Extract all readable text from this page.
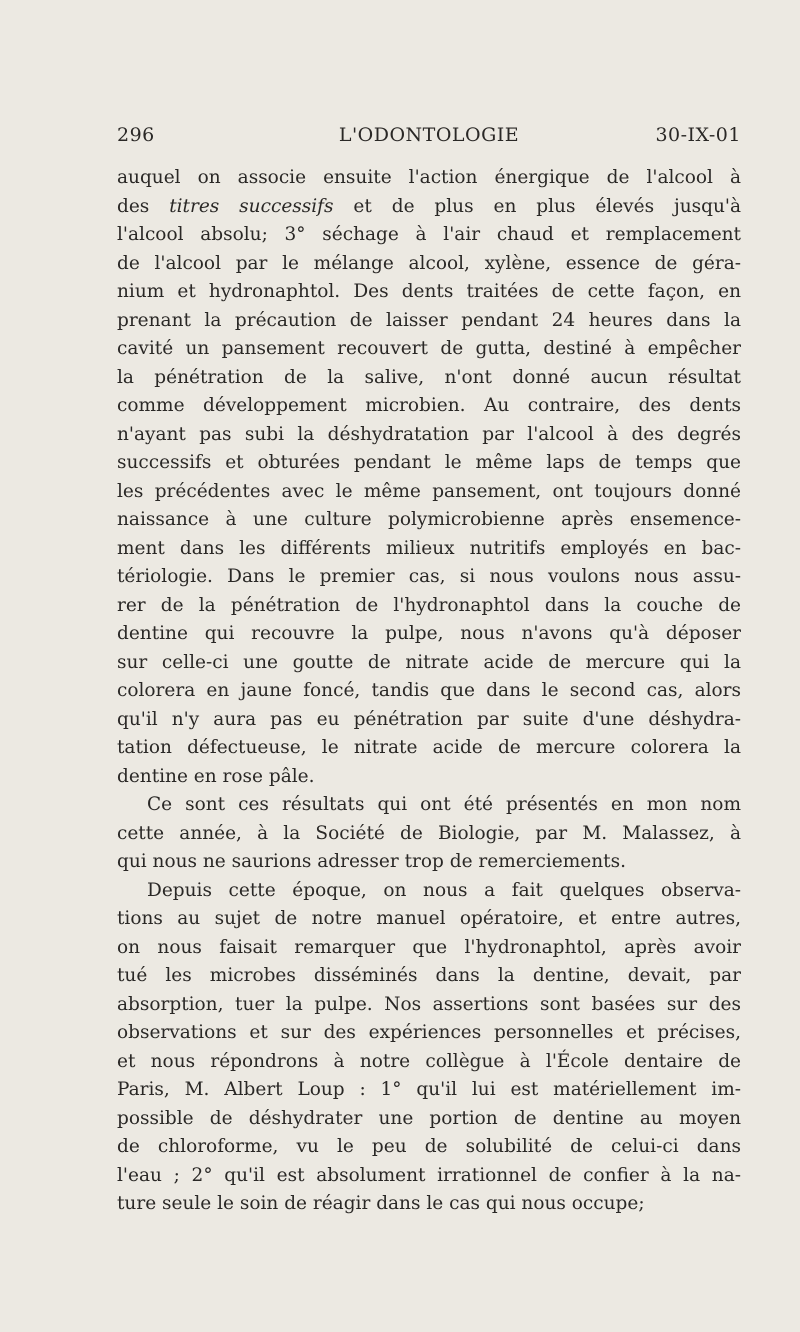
296	L'ODONTOLOGIE	30-IX-01
auquel on associe ensuite l'action énergique de l'alcool à
des titres successifs et de plus en plus élevés jusqu'à
l'alcool absolu; 3° séchage à l'air chaud et remplacement
de l'alcool par le mélange alcool, xylène, essence de géra-
nium et hydronaphtol. Des dents traitées de cette façon, en
prenant la précaution de laisser pendant 24 heures dans la
cavité un pansement recouvert de gutta, destiné à empêcher
la pénétration de la salive, n'ont donné aucun résultat
comme développement microbien. Au contraire, des dents
n'ayant pas subi la déshydratation par l'alcool à des degrés
successifs et obturées pendant le même laps de temps que
les précédentes avec le même pansement, ont toujours donné
naissance à une culture polymicrobienne après ensemence-
ment dans les différents milieux nutritifs employés en bac-
tériologie. Dans le premier cas, si nous voulons nous assu-
rer de la pénétration de l'hydronaphtol dans la couche de
dentine qui recouvre la pulpe, nous n'avons qu'à déposer
sur celle-ci une goutte de nitrate acide de mercure qui la
colorera en jaune foncé, tandis que dans le second cas, alors
qu'il n'y aura pas eu pénétration par suite d'une déshydra-
tation défectueuse, le nitrate acide de mercure colorera la
dentine en rose pâle.
Ce sont ces résultats qui ont été présentés en mon nom
cette année, à la Société de Biologie, par M. Malassez, à
qui nous ne saurions adresser trop de remerciements.
Depuis cette époque, on nous a fait quelques observa-
tions au sujet de notre manuel opératoire, et entre autres,
on nous faisait remarquer que l'hydronaphtol, après avoir
tué les microbes disséminés dans la dentine, devait, par
absorption, tuer la pulpe. Nos assertions sont basées sur des
observations et sur des expériences personnelles et précises,
et nous répondrons à notre collègue à l'École dentaire de
Paris, M. Albert Loup : 1° qu'il lui est matériellement im-
possible de déshydrater une portion de dentine au moyen
de chloroforme, vu le peu de solubilité de celui-ci dans
l'eau ; 2° qu'il est absolument irrationnel de confier à la na-
ture seule le soin de réagir dans le cas qui nous occupe;
